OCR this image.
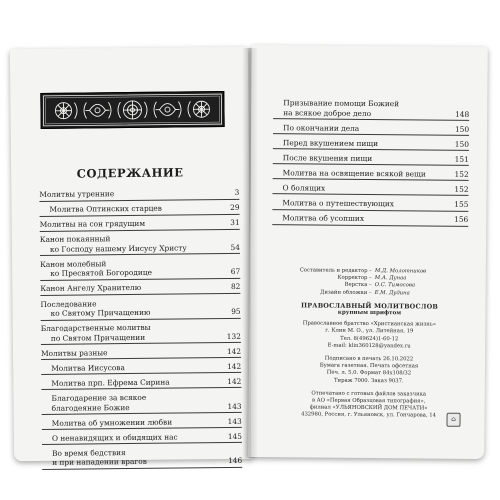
СОДЕРЖАНИЕ
Молитвы утренние	3
Молитва Оптинских старцев	29
Молитвы на сон грядущим	31
Канон покаянный
ко Господу нашему Иисусу Христу	54
Канон молебный
ко Пресвятой Богородице	67
Канон Ангелу Хранителю	82
Последование
ко Святому Причащению	95
Благодарственные молитвы
по Святом Причащении	132
Молитвы разные	142
Молитва Иисусова	142
Молитва прп. Ефрема Сирина	142
Благодарение за всякое
благодеяние Божие	143
Молитва об умножении любви	143
О ненавидящих и обидящих нас	145
Во время бедствия
и при нападении врагов	146
Призывание помощи Божией
на всякое доброе дело	148
По окончании дела	150
Перед вкушением пищи	150
После вкушения пищи	151
Молитва на освящение всякой вещи	152
О болящих	152
Молитва о путешествующих	155
Молитва об усопших	156
Составитель и редактор – М.Д. Молотников
Корректор – М.А. Дунаа
Верстка – О.С. Тимосова
Дизайн обложки – Е.М. Дудина
ПРАВОСЛАВНЫЙ МОЛИТВОСЛОВ
крупным шрифтом
Православное братство «Христианская жизнь»
г. Клин М. О., ул. Литейная, 19
Тел. 8(49624)1-60-12
E-mail: klin360128@yandex.ru
Подписано в печать 26.10.2022
Бумага газетная. Печать офсетная
Печ. л. 5,0. Формат 84х108/32
Тираж 7000. Заказ 9037.
Отпечатано с готовых файлов заказчика
в АО «Первая Образцовая типография»,
филиал «УЛЬЯНОВСКИЙ ДОМ ПЕЧАТИ»
432980, Россия, г. Ульяновск, ул. Гончарова, 14
⌂
